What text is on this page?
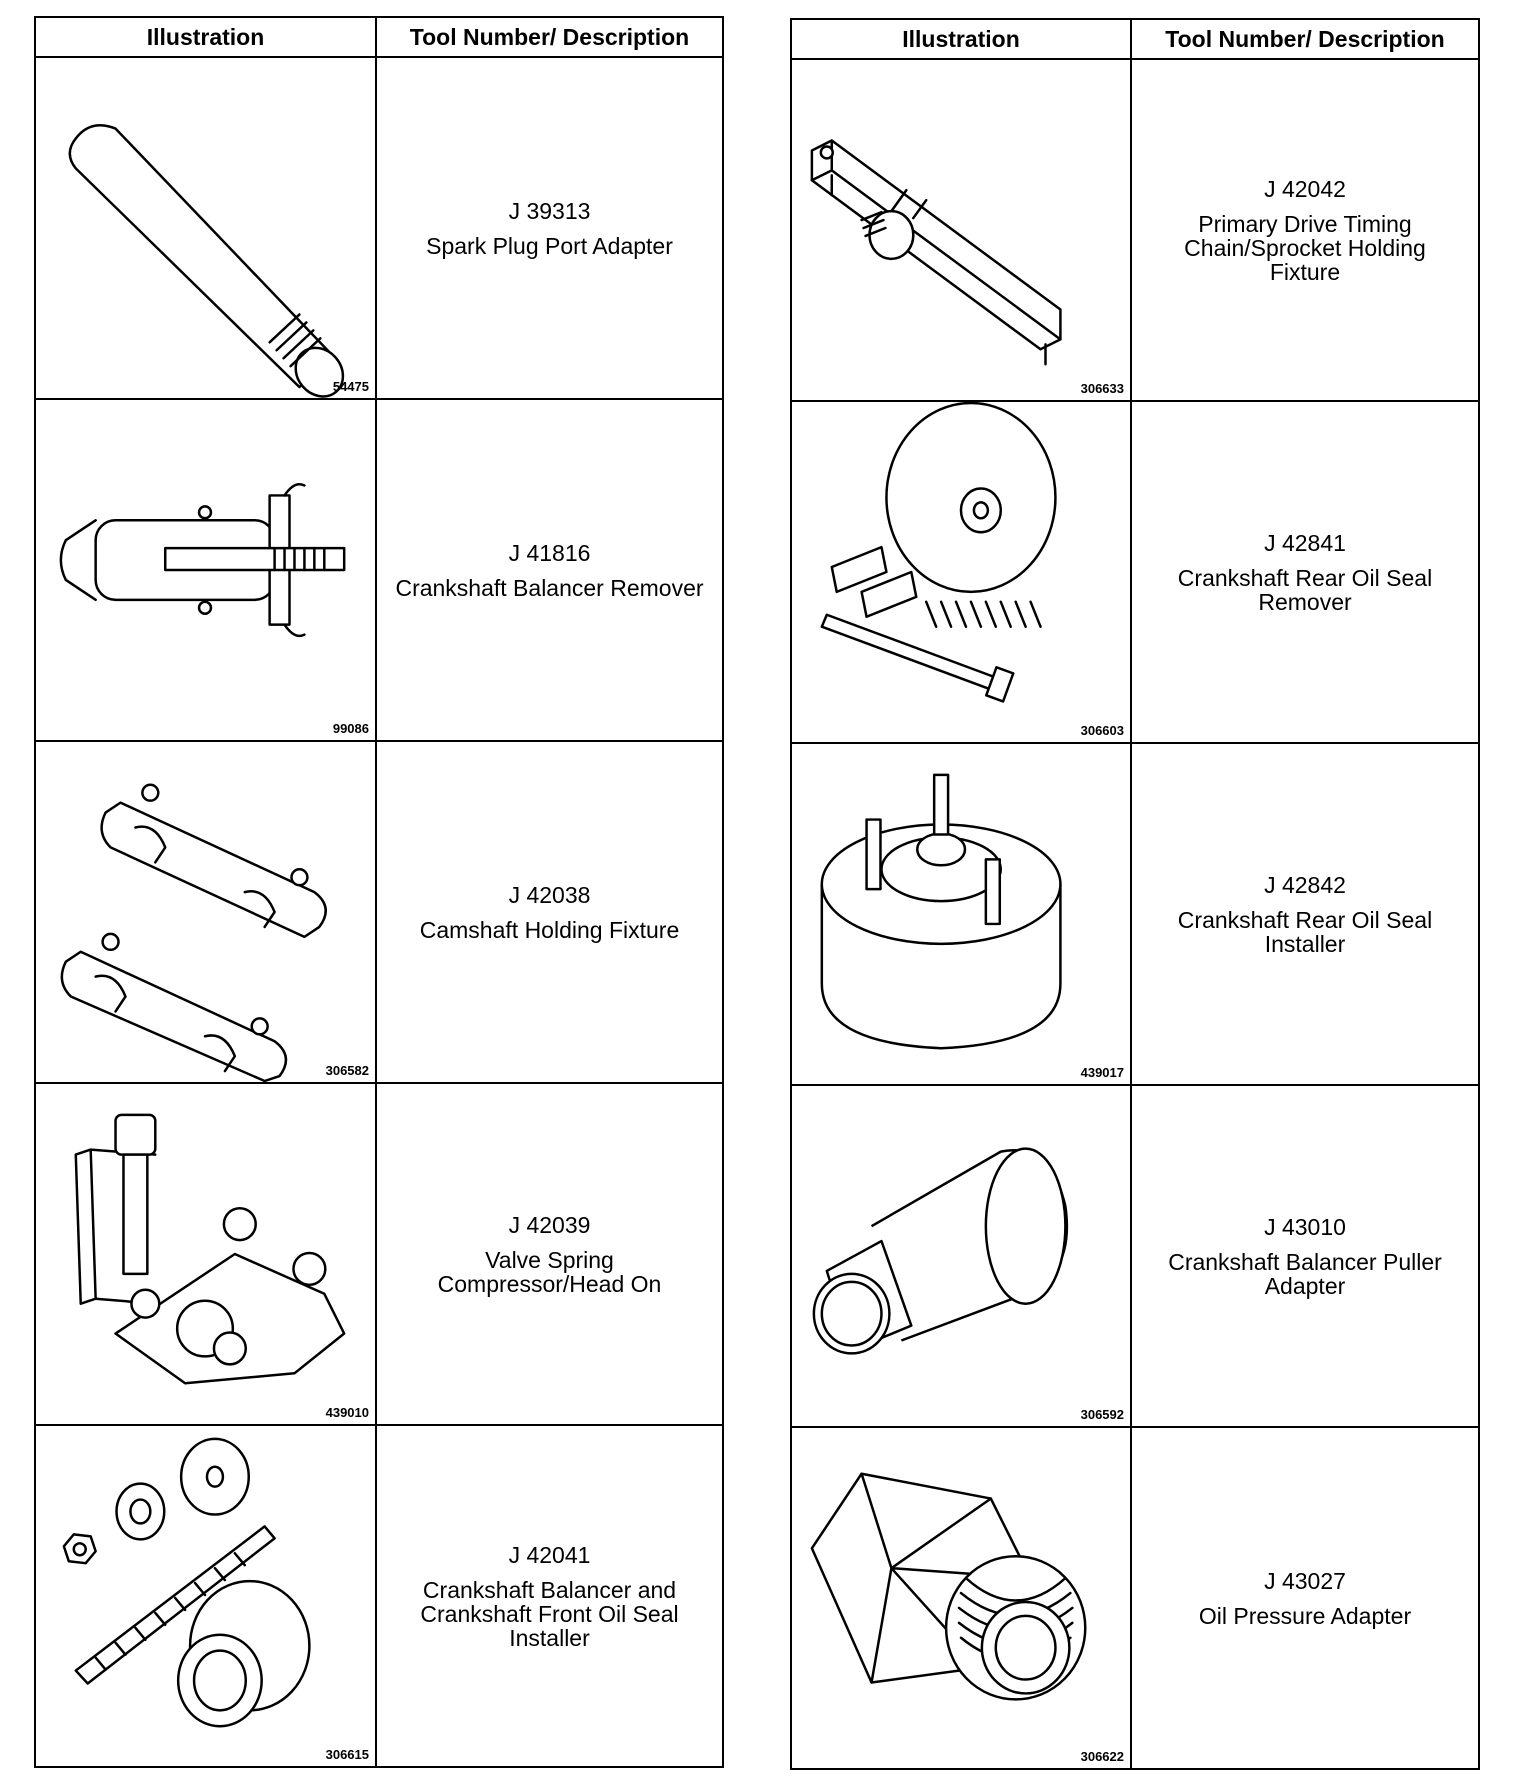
Illustration	Tool Number/ Description

54475	J 39313
Spark Plug Port Adapter

99086	J 41816
Crankshaft Balancer Remover

306582	J 42038
Camshaft Holding Fixture

439010	J 42039
Valve Spring Compressor/Head On

306615	J 42041
Crankshaft Balancer and Crankshaft Front Oil Seal Installer
Illustration	Tool Number/ Description

306633	J 42042
Primary Drive Timing Chain/Sprocket Holding Fixture

306603	J 42841
Crankshaft Rear Oil Seal Remover

439017	J 42842
Crankshaft Rear Oil Seal Installer

306592	J 43010
Crankshaft Balancer Puller Adapter

306622	J 43027
Oil Pressure Adapter
